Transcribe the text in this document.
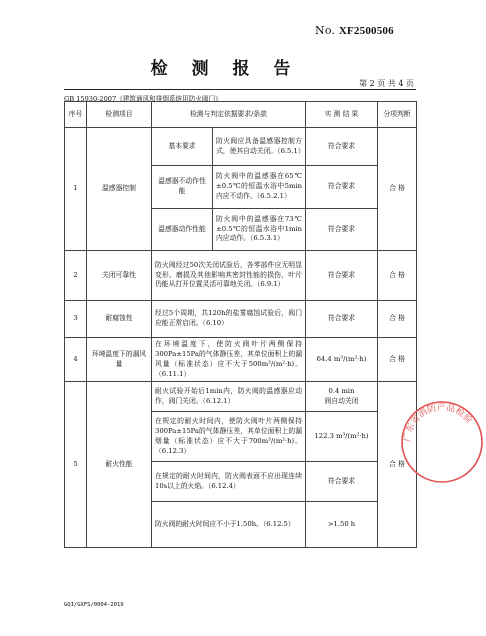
No. XF2500506
检 测 报 告
第 2 页 共 4 页
GB 15930-2007《建筑通风和排烟系统用防火阀门》
序号	检测项目	检测与判定依据要求/条款		实 测 结 果	分项判断
1	温感器控制	基本要求	防火阀应具备温感器控制方式，使其自动关闭。（6.5.1）	符合要求	合 格
		温感器不动作性能	防火阀中的温感器在65℃±0.5℃的恒温水浴中5min内应不动作。（6.5.2.1）	符合要求	
		温感器动作性能	防火阀中的温感器在73℃±0.5℃的恒温水浴中1min内应动作。（6.5.3.1）	符合要求	
2	关闭可靠性	防火阀经过50次关闭试验后，各零部件应无明显变形、磨损及其他影响其密封性能的损伤，叶片仍能从打开位置灵活可靠地关闭。（6.9.1）		符合要求	合 格
3	耐腐蚀性	经过5个周期，共120h的盐雾腐蚀试验后，阀门应能正常启闭。（6.10）		符合要求	合 格
4	环境温度下的漏风量	在环境温度下，使防火阀叶片两侧保持300Pa±15Pa的气体静压差，其单位面积上的漏风量（标准状态）应不大于500m³/(m²·h)。（6.11.1）		64.4 m³/(m²·h)	合 格
5	耐火性能	耐火试验开始后1min内，防火阀的温感器应动作，阀门关闭。（6.12.1）		0.4 min
阀自动关闭	合 格
		在规定的耐火时间内，使防火阀叶片两侧保持300Pa±15Pa的气体静压差，其单位面积上的漏烟量（标准状态）应不大于700m³/(m²·h)。（6.12.3）		122.3 m³/(m²·h)	
		在规定的耐火时间内，防火阀表面不应出现连续10s以上的火焰。（6.12.4）		符合要求	
		防火阀的耐火时间应不小于1.50h。（6.12.5）		>1.50 h	
广东省消防产品检验
GQI/GXFS/0004-2019
